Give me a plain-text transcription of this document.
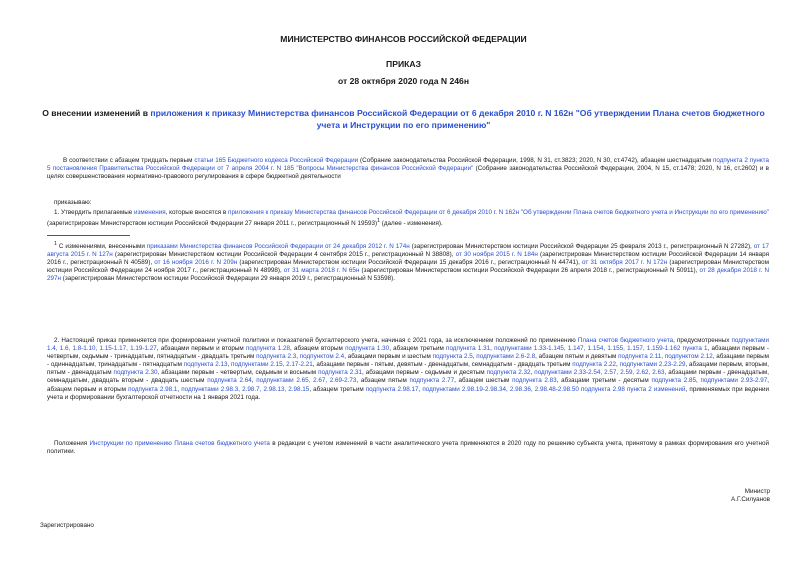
МИНИСТЕРСТВО ФИНАНСОВ РОССИЙСКОЙ ФЕДЕРАЦИИ
ПРИКАЗ
от 28 октября 2020 года N 246н
О внесении изменений в приложения к приказу Министерства финансов Российской Федерации от 6 декабря 2010 г. N 162н "Об утверждении Плана счетов бюджетного учета и Инструкции по его применению"
В соответствии с абзацем тридцать первым статьи 165 Бюджетного кодекса Российской Федерации (Собрание законодательства Российской Федерации, 1998, N 31, ст.3823; 2020, N 30, ст.4742), абзацем шестнадцатым подпункта 2 пункта 5 постановления Правительства Российской Федерации от 7 апреля 2004 г. N 185 "Вопросы Министерства финансов Российской Федерации" (Собрание законодательства Российской Федерации, 2004, N 15, ст.1478; 2020, N 16, ст.2602) и в целях совершенствования нормативно-правового регулирования в сфере бюджетной деятельности
приказываю:
1. Утвердить прилагаемые изменения, которые вносятся в приложения к приказу Министерства финансов Российской Федерации от 6 декабря 2010 г. N 162н "Об утверждении Плана счетов бюджетного учета и Инструкции по его применению" (зарегистрирован Министерством юстиции Российской Федерации 27 января 2011 г., регистрационный N 19593)$^1$ (далее - изменения).
$^1$ С изменениями, внесенными приказами Министерства финансов Российской Федерации от 24 декабря 2012 г. N 174н (зарегистрирован Министерством юстиции Российской Федерации 25 февраля 2013 г., регистрационный N 27282), от 17 августа 2015 г. N 127н (зарегистрирован Министерством юстиции Российской Федерации 4 сентября 2015 г., регистрационный N 38808), от 30 ноября 2015 г. N 184н (зарегистрирован Министерством юстиции Российской Федерации 14 января 2016 г., регистрационный N 40589), от 16 ноября 2016 г. N 209н (зарегистрирован Министерством юстиции Российской Федерации 15 декабря 2016 г., регистрационный N 44741), от 31 октября 2017 г. N 172н (зарегистрирован Министерством юстиции Российской Федерации 24 ноября 2017 г., регистрационный N 48998), от 31 марта 2018 г. N 65н (зарегистрирован Министерством юстиции Российской Федерации 26 апреля 2018 г., регистрационный N 50911), от 28 декабря 2018 г. N 297н (зарегистрирован Министерством юстиции Российской Федерации 29 января 2019 г., регистрационный N 53598).
2. Настоящий приказ применяется при формировании учетной политики и показателей бухгалтерского учета, начиная с 2021 года, за исключением положений по применению Плана счетов бюджетного учета, предусмотренных подпунктами 1.4, 1.6, 1.8-1.10, 1.15-1.17, 1.19-1.27, абзацами первым и вторым подпункта 1.28, абзацем вторым подпункта 1.30, абзацем третьим подпункта 1.31, подпунктами 1.33-1.145, 1.147, 1.154, 1.155, 1.157, 1.159-1.162 пункта 1, абзацами первым - четвертым, седьмым - тринадцатым, пятнадцатым - двадцать третьим подпункта 2.3, подпунктом 2.4, абзацами первым и шестым подпункта 2.5, подпунктами 2.6-2.8, абзацем пятым и девятым подпункта 2.11, подпунктом 2.12, абзацами первым - одиннадцатым, тринадцатым - пятнадцатым подпункта 2.13, подпунктами 2.15, 2.17-2.21, абзацами первым - пятым, девятым - двенадцатым, семнадцатым - двадцать третьим подпункта 2.22, подпунктами 2.23-2.29, абзацами первым, вторым, пятым - двенадцатым подпункта 2.30, абзацами первым - четвертым, седьмым и восьмым подпункта 2.31, абзацами первым - седьмым и десятым подпункта 2.32, подпунктами 2.33-2.54, 2.57, 2.59, 2.62, 2.63, абзацами первым - двенадцатым, семнадцатым, двадцать вторым - двадцать шестым подпункта 2.64, подпунктами 2.65, 2.67, 2.69-2.73, абзацем пятым подпункта 2.77, абзацем шестым подпункта 2.83, абзацами третьим - десятым подпункта 2.85, подпунктами 2.93-2.97, абзацем первым и вторым подпункта 2.98.1, подпунктами 2.98.3, 2.98.7, 2.98.13, 2.98.15, абзацем третьим подпункта 2.98.17, подпунктами 2.98.19-2.98.34, 2.98.36, 2.98.48-2.98.50 подпункта 2.98 пункта 2 изменений, применяемых при ведении учета и формировании бухгалтерской отчетности на 1 января 2021 года.
Положения Инструкции по применению Плана счетов бюджетного учета в редакции с учетом изменений в части аналитического учета применяются в 2020 году по решению субъекта учета, принятому в рамках формирования его учетной политики.
Министр
А.Г.Силуанов
Зарегистрировано
